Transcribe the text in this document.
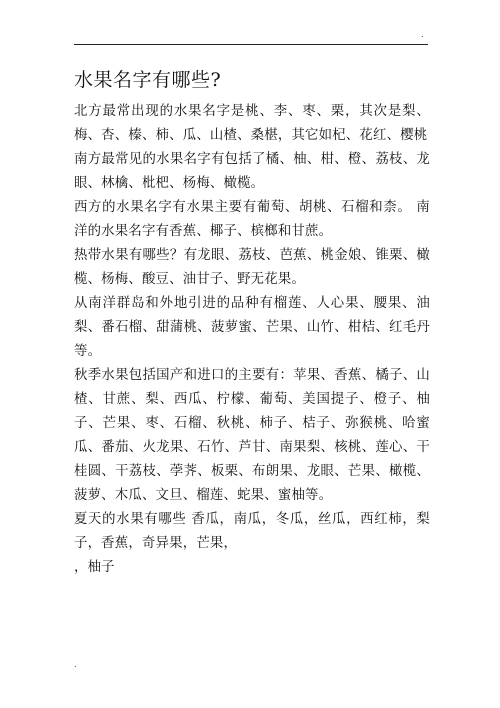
.
水果名字有哪些?

北方最常出现的水果名字是桃、李、枣、栗，其次是梨、梅、杏、榛、柿、瓜、山楂、桑椹，其它如杞、花红、樱桃

南方最常见的水果名字有包括了橘、柚、柑、橙、荔枝、龙眼、林檎、枇杷、杨梅、橄榄。

西方的水果名字有水果主要有葡萄、胡桃、石榴和柰。 南洋的水果名字有香蕉、椰子、槟榔和甘蔗。

热带水果有哪些？有龙眼、荔枝、芭蕉、桃金娘、锥栗、橄榄、杨梅、酸豆、油甘子、野无花果。

从南洋群岛和外地引进的品种有榴莲、人心果、腰果、油梨、番石榴、甜蒲桃、菠萝蜜、芒果、山竹、柑桔、红毛丹等。

秋季水果包括国产和进口的主要有：苹果、香蕉、橘子、山楂、甘蔗、梨、西瓜、柠檬、葡萄、美国提子、橙子、柚子、芒果、枣、石榴、秋桃、柿子、桔子、弥猴桃、哈蜜瓜、番茄、火龙果、石竹、芦甘、南果梨、核桃、莲心、干桂圆、干荔枝、荸荠、板栗、布朗果、龙眼、芒果、橄榄、菠萝、木瓜、文旦、榴莲、蛇果、蜜柚等。

夏天的水果有哪些 香瓜，南瓜，冬瓜，丝瓜，西红柿，梨子，香蕉，奇异果，芒果，

，柚子

.
